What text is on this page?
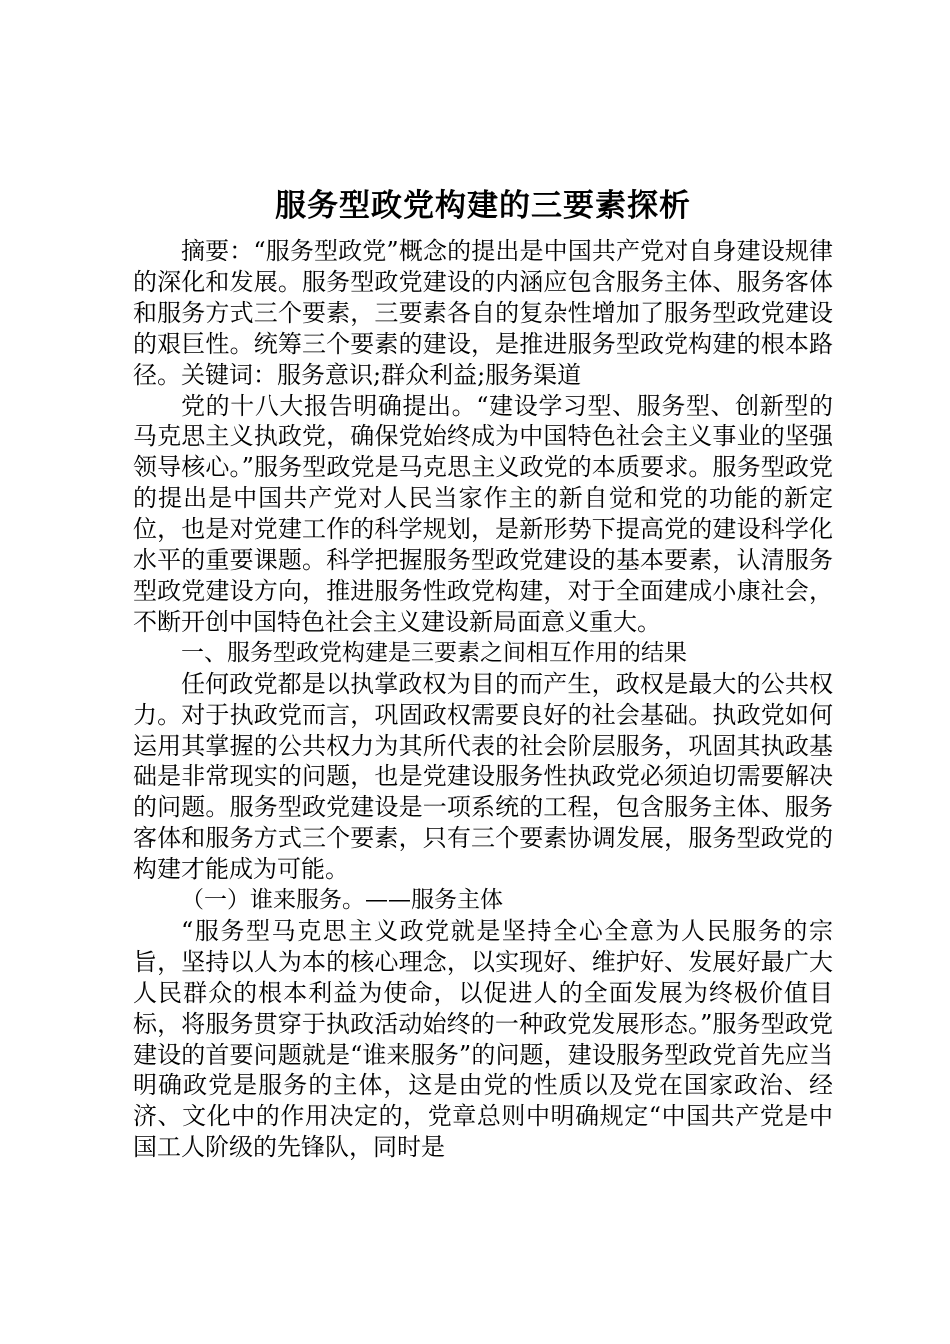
服务型政党构建的三要素探析

摘要：“服务型政党”概念的提出是中国共产党对自身建设规律的深化和发展。服务型政党建设的内涵应包含服务主体、服务客体和服务方式三个要素，三要素各自的复杂性增加了服务型政党建设的艰巨性。统筹三个要素的建设，是推进服务型政党构建的根本路径。关键词：服务意识;群众利益;服务渠道

党的十八大报告明确提出。“建设学习型、服务型、创新型的马克思主义执政党，确保党始终成为中国特色社会主义事业的坚强领导核心。”服务型政党是马克思主义政党的本质要求。服务型政党的提出是中国共产党对人民当家作主的新自觉和党的功能的新定位，也是对党建工作的科学规划，是新形势下提高党的建设科学化水平的重要课题。科学把握服务型政党建设的基本要素，认清服务型政党建设方向，推进服务性政党构建，对于全面建成小康社会，不断开创中国特色社会主义建设新局面意义重大。

一、服务型政党构建是三要素之间相互作用的结果

任何政党都是以执掌政权为目的而产生，政权是最大的公共权力。对于执政党而言，巩固政权需要良好的社会基础。执政党如何运用其掌握的公共权力为其所代表的社会阶层服务，巩固其执政基础是非常现实的问题，也是党建设服务性执政党必须迫切需要解决的问题。服务型政党建设是一项系统的工程，包含服务主体、服务客体和服务方式三个要素，只有三个要素协调发展，服务型政党的构建才能成为可能。

（一）谁来服务。——服务主体

“服务型马克思主义政党就是坚持全心全意为人民服务的宗旨，坚持以人为本的核心理念，以实现好、维护好、发展好最广大人民群众的根本利益为使命，以促进人的全面发展为终极价值目标，将服务贯穿于执政活动始终的一种政党发展形态。”服务型政党建设的首要问题就是“谁来服务”的问题，建设服务型政党首先应当明确政党是服务的主体，这是由党的性质以及党在国家政治、经济、文化中的作用决定的，党章总则中明确规定“中国共产党是中国工人阶级的先锋队，同时是
